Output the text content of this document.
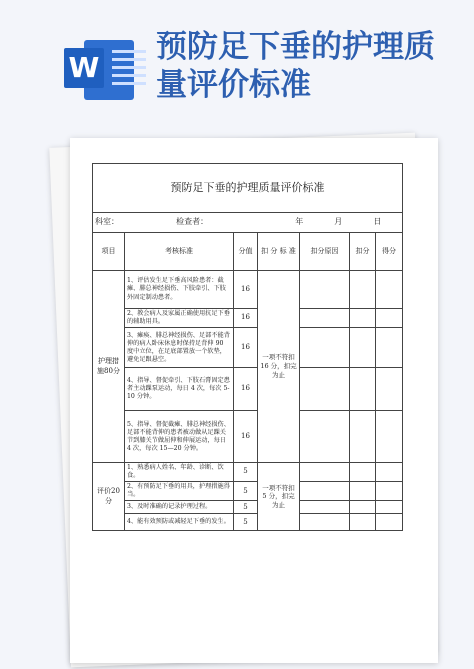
W
预防足下垂的护理质量评价标准
预防足下垂的护理质量评价标准						
科室： 检查者： 年 月 日						
项目	考核标准	分值	扣 分 标 准	扣分原因	扣分	得分
护理措施80分	1、评估发生足下垂高风险患者：截瘫、腓总神经损伤、下肢牵引、下肢外固定制动患者。	16	一项不符扣 16 分，扣完为止			
	2、教会病人及家属正确使用抗足下垂的辅助用具。	16				
	3、瘫痪、腓总神经损伤、足部不能背伸的病人卧床休息时保持足背伸 90 度中立位，在足底部置放一个软垫，避免足跟悬空。	16				
	4、指导、督促牵引、下肢石膏固定患者主动踝泵运动，每日 4 次，每次 5-10 分钟。	16				
	5、指导、督促截瘫、腓总神经损伤、足部不能背伸的患者被动做从足踝关节到膝关节做屈伸和伸展运动，每日 4 次，每次 15—20 分钟。	16				
评价20分	1、熟悉病人姓名、年龄、诊断、饮食。	5	一项不符扣 5 分，扣完为止			
	2、有预防足下垂的用具，护理措施得当。	5				
	3、及时准确的记录护理过程。	5				
	4、能有效预防或减轻足下垂的发生。	5				
